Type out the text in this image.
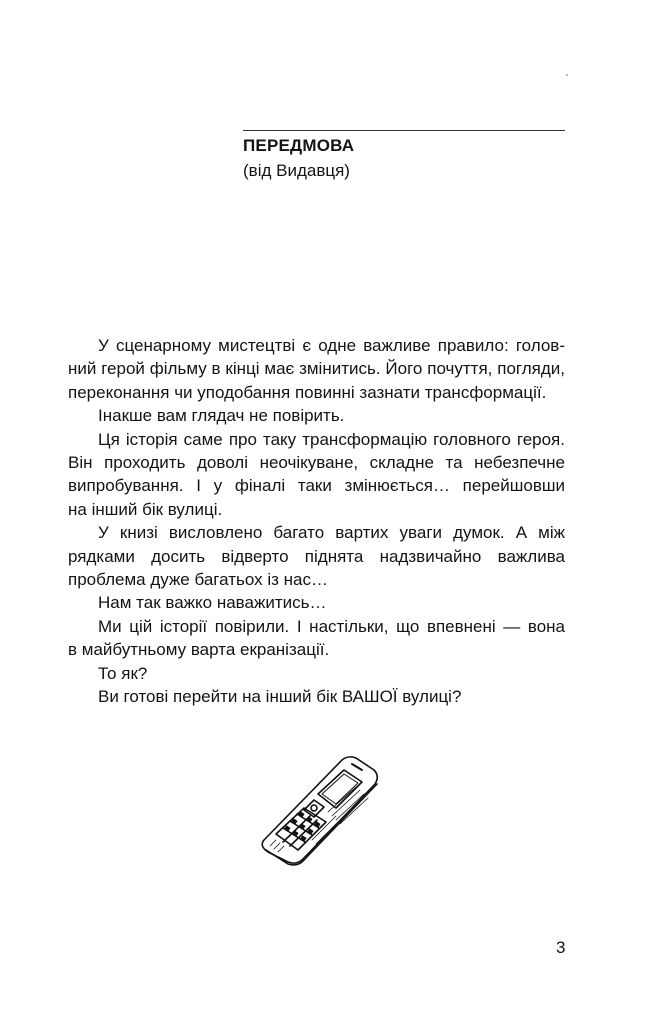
ПЕРЕДМОВА
(від Видавця)

У сценарному мистецтві є одне важливе правило: голов-
ний герой фільму в кінці має змінитись. Його почуття, погляди,
переконання чи уподобання повинні зазнати трансформації.

Інакше вам глядач не повірить.

Ця історія саме про таку трансформацію головного героя.
Він проходить доволі неочікуване, складне та небезпечне
випробування. І у фіналі таки змінюється… перейшовши
на інший бік вулиці.

У книзі висловлено багато вартих уваги думок. А між
рядками досить відверто піднята надзвичайно важлива
проблема дуже багатьох із нас…

Нам так важко наважитись…

Ми цій історії повірили. І настільки, що впевнені — вона
в майбутньому варта екранізації.

То як?

Ви готові перейти на інший бік ВАШОЇ вулиці?

3
